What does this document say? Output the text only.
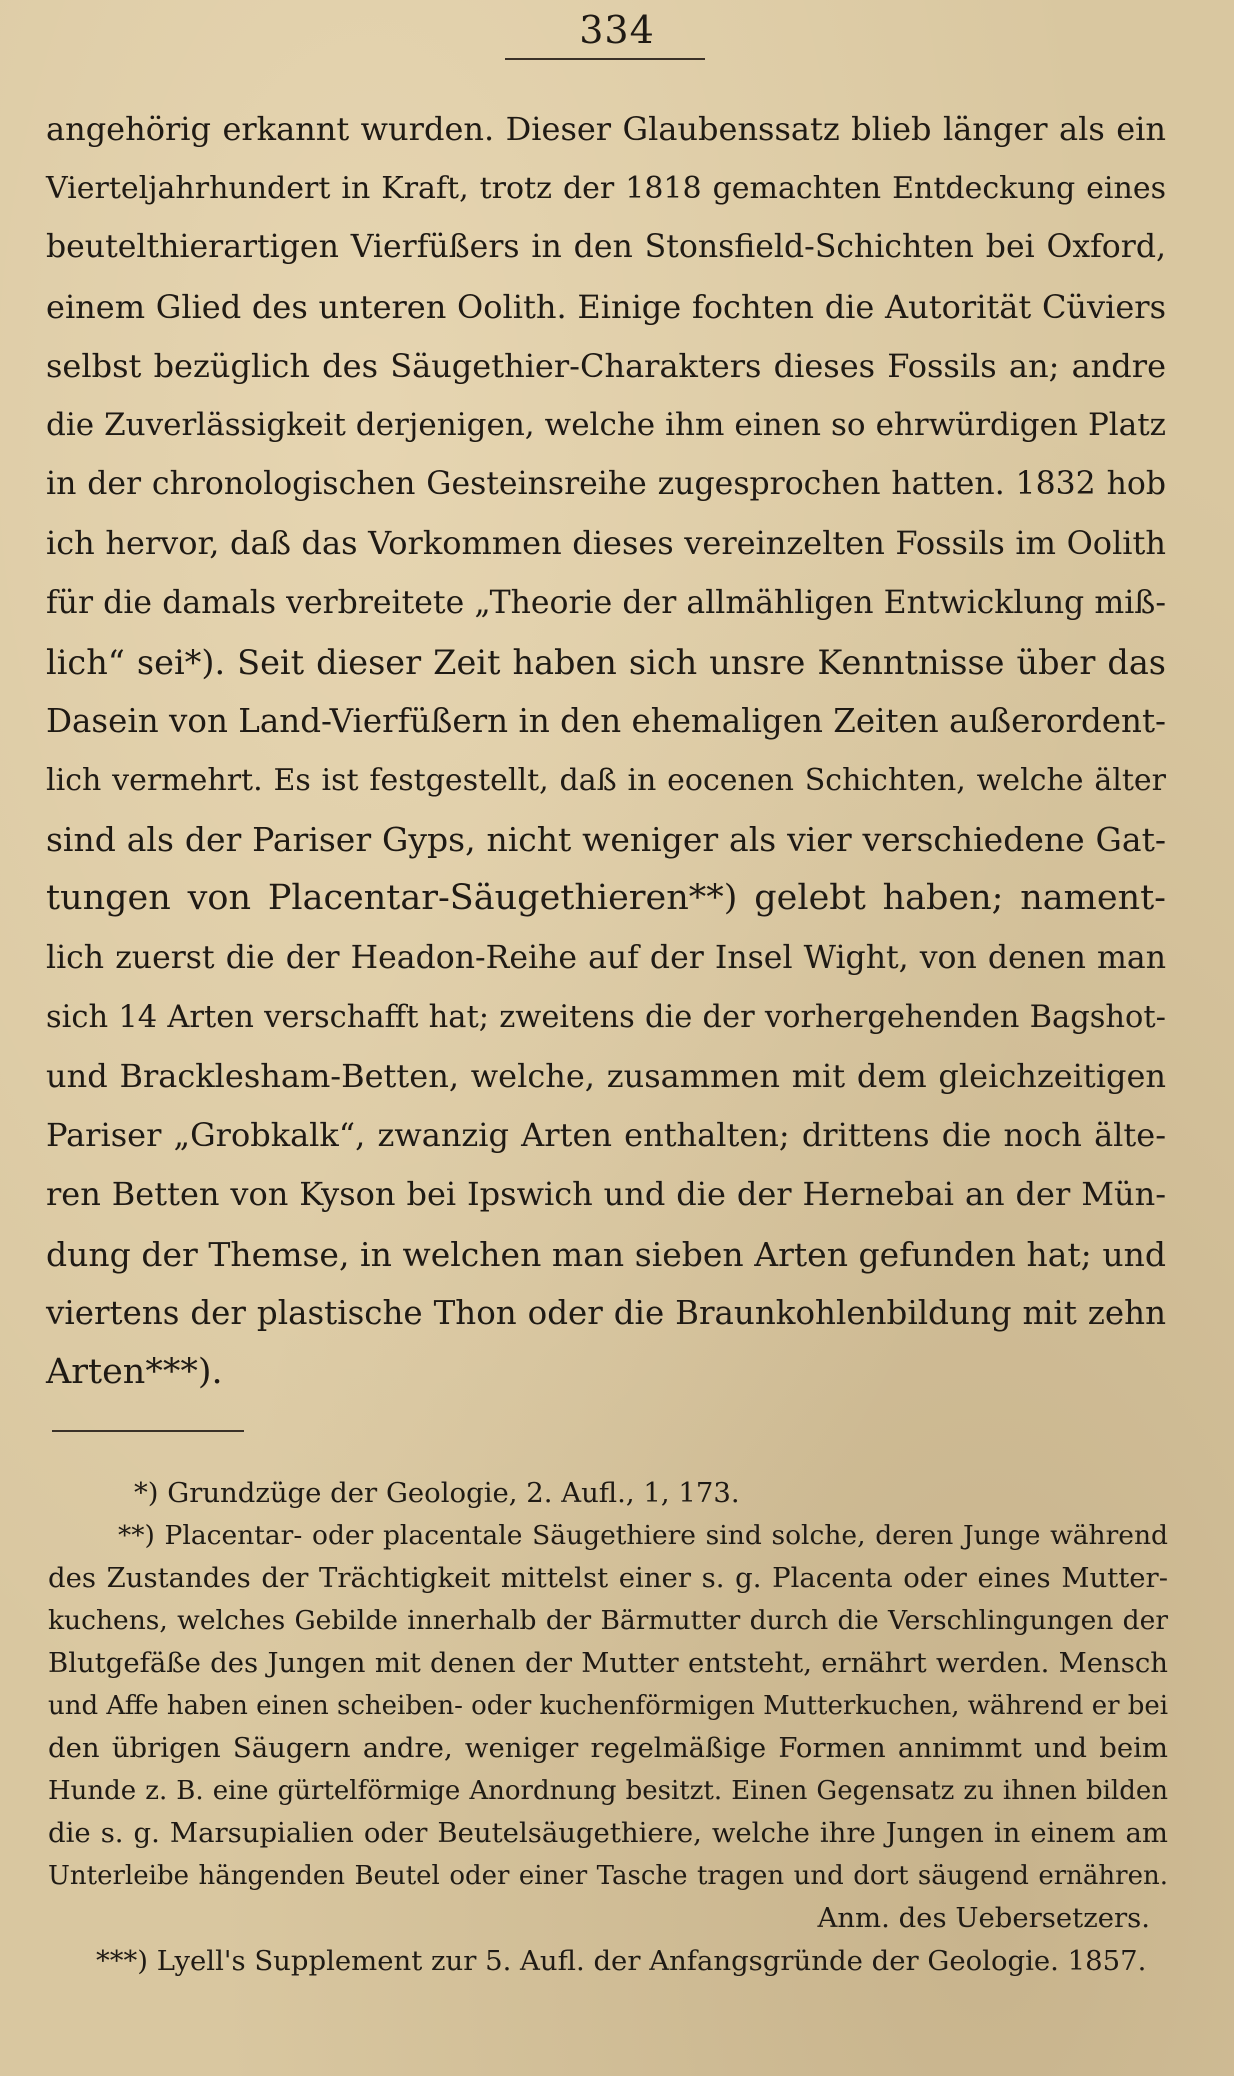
334
angehörig erkannt wurden. Dieser Glaubenssatz blieb länger als ein
Vierteljahrhundert in Kraft, trotz der 1818 gemachten Entdeckung eines
beutelthierartigen Vierfüßers in den Stonsfield-Schichten bei Oxford,
einem Glied des unteren Oolith. Einige fochten die Autorität Cüviers
selbst bezüglich des Säugethier-Charakters dieses Fossils an; andre
die Zuverlässigkeit derjenigen, welche ihm einen so ehrwürdigen Platz
in der chronologischen Gesteinsreihe zugesprochen hatten. 1832 hob
ich hervor, daß das Vorkommen dieses vereinzelten Fossils im Oolith
für die damals verbreitete „Theorie der allmähligen Entwicklung miß-
lich“ sei*). Seit dieser Zeit haben sich unsre Kenntnisse über das
Dasein von Land-Vierfüßern in den ehemaligen Zeiten außerordent-
lich vermehrt. Es ist festgestellt, daß in eocenen Schichten, welche älter
sind als der Pariser Gyps, nicht weniger als vier verschiedene Gat-
tungen von Placentar-Säugethieren**) gelebt haben; nament-
lich zuerst die der Headon-Reihe auf der Insel Wight, von denen man
sich 14 Arten verschafft hat; zweitens die der vorhergehenden Bagshot-
und Bracklesham-Betten, welche, zusammen mit dem gleichzeitigen
Pariser „Grobkalk“, zwanzig Arten enthalten; drittens die noch älte-
ren Betten von Kyson bei Ipswich und die der Hernebai an der Mün-
dung der Themse, in welchen man sieben Arten gefunden hat; und
viertens der plastische Thon oder die Braunkohlenbildung mit zehn
Arten***).
*) Grundzüge der Geologie, 2. Aufl., 1, 173.
**) Placentar- oder placentale Säugethiere sind solche, deren Junge während
des Zustandes der Trächtigkeit mittelst einer s. g. Placenta oder eines Mutter-
kuchens, welches Gebilde innerhalb der Bärmutter durch die Verschlingungen der
Blutgefäße des Jungen mit denen der Mutter entsteht, ernährt werden. Mensch
und Affe haben einen scheiben- oder kuchenförmigen Mutterkuchen, während er bei
den übrigen Säugern andre, weniger regelmäßige Formen annimmt und beim
Hunde z. B. eine gürtelförmige Anordnung besitzt. Einen Gegensatz zu ihnen bilden
die s. g. Marsupialien oder Beutelsäugethiere, welche ihre Jungen in einem am
Unterleibe hängenden Beutel oder einer Tasche tragen und dort säugend ernähren.
Anm. des Uebersetzers.
***) Lyell's Supplement zur 5. Aufl. der Anfangsgründe der Geologie. 1857.
